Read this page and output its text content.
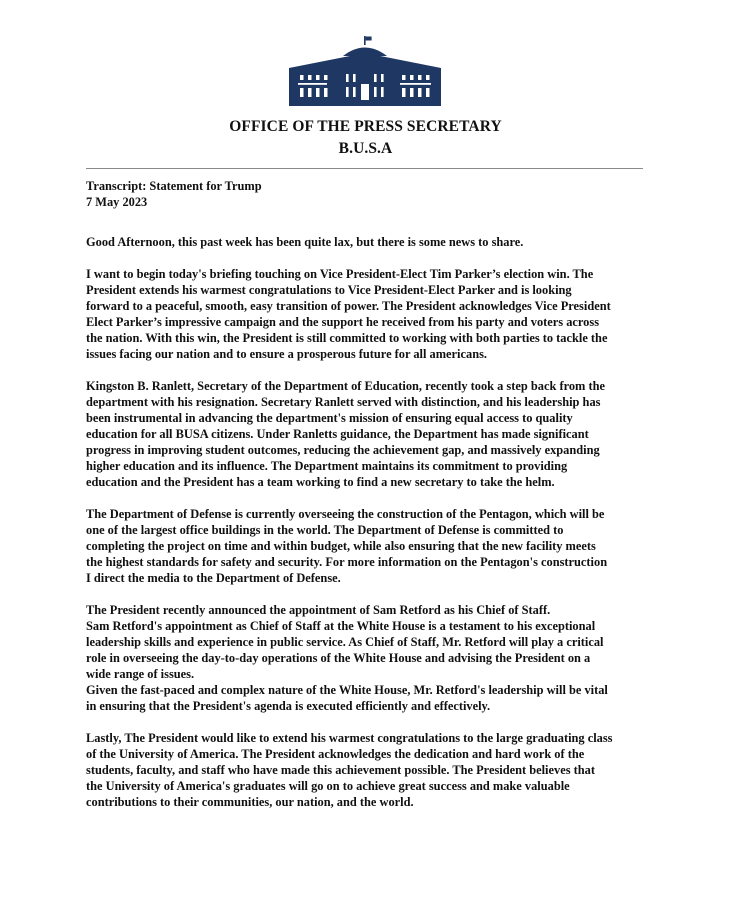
OFFICE OF THE PRESS SECRETARY
B.U.S.A
Transcript: Statement for Trump
7 May 2023

Good Afternoon, this past week has been quite lax, but there is some news to share.

I want to begin today's briefing touching on Vice President-Elect Tim Parker’s election win. The
President extends his warmest congratulations to Vice President-Elect Parker and is looking
forward to a peaceful, smooth, easy transition of power. The President acknowledges Vice President
Elect Parker’s impressive campaign and the support he received from his party and voters across
the nation. With this win, the President is still committed to working with both parties to tackle the
issues facing our nation and to ensure a prosperous future for all americans.

Kingston B. Ranlett, Secretary of the Department of Education, recently took a step back from the
department with his resignation. Secretary Ranlett served with distinction, and his leadership has
been instrumental in advancing the department's mission of ensuring equal access to quality
education for all BUSA citizens. Under Ranletts guidance, the Department has made significant
progress in improving student outcomes, reducing the achievement gap, and massively expanding
higher education and its influence. The Department maintains its commitment to providing
education and the President has a team working to find a new secretary to take the helm.

The Department of Defense is currently overseeing the construction of the Pentagon, which will be
one of the largest office buildings in the world. The Department of Defense is committed to
completing the project on time and within budget, while also ensuring that the new facility meets
the highest standards for safety and security. For more information on the Pentagon's construction
I direct the media to the Department of Defense.

The President recently announced the appointment of Sam Retford as his Chief of Staff.
Sam Retford's appointment as Chief of Staff at the White House is a testament to his exceptional
leadership skills and experience in public service. As Chief of Staff, Mr. Retford will play a critical
role in overseeing the day-to-day operations of the White House and advising the President on a
wide range of issues.
Given the fast-paced and complex nature of the White House, Mr. Retford's leadership will be vital
in ensuring that the President's agenda is executed efficiently and effectively.

Lastly, The President would like to extend his warmest congratulations to the large graduating class
of the University of America. The President acknowledges the dedication and hard work of the
students, faculty, and staff who have made this achievement possible. The President believes that
the University of America's graduates will go on to achieve great success and make valuable
contributions to their communities, our nation, and the world.
